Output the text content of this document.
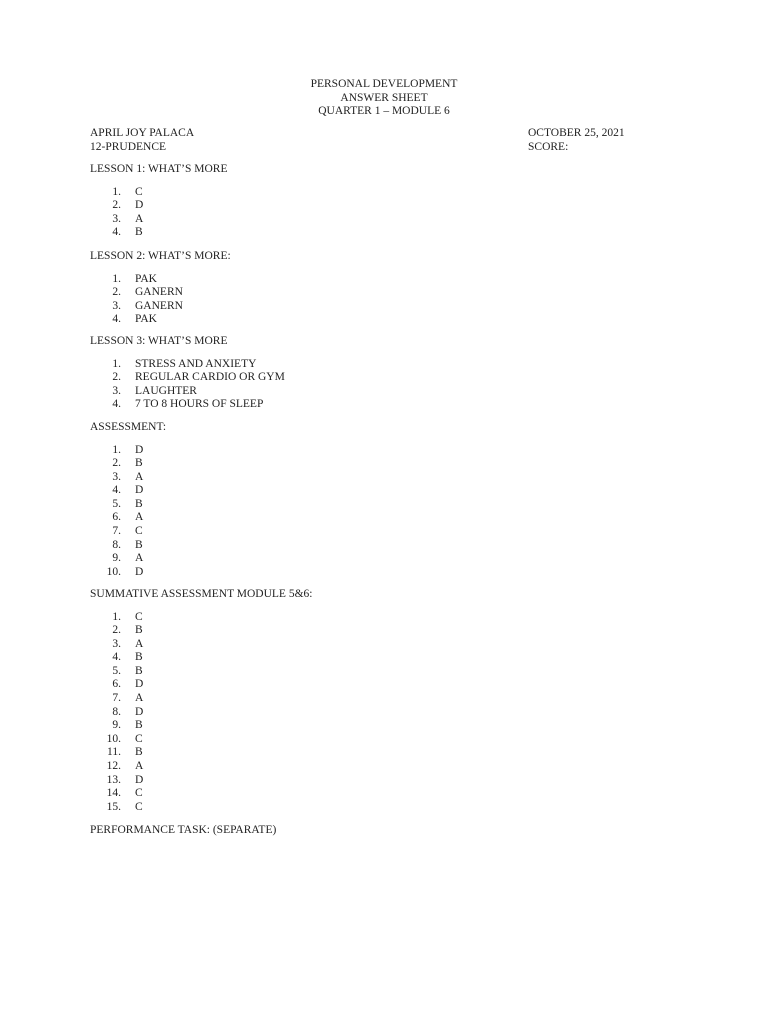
PERSONAL DEVELOPMENT
ANSWER SHEET
QUARTER 1 – MODULE 6
APRIL JOY PALACA
12-PRUDENCE
OCTOBER 25, 2021
SCORE:
LESSON 1: WHAT’S MORE
1. C
2. D
3. A
4. B
LESSON 2: WHAT’S MORE:
1. PAK
2. GANERN
3. GANERN
4. PAK
LESSON 3: WHAT’S MORE
1. STRESS AND ANXIETY
2. REGULAR CARDIO OR GYM
3. LAUGHTER
4. 7 TO 8 HOURS OF SLEEP
ASSESSMENT:
1. D
2. B
3. A
4. D
5. B
6. A
7. C
8. B
9. A
10. D
SUMMATIVE ASSESSMENT MODULE 5&6:
1. C
2. B
3. A
4. B
5. B
6. D
7. A
8. D
9. B
10. C
11. B
12. A
13. D
14. C
15. C
PERFORMANCE TASK: (SEPARATE)
